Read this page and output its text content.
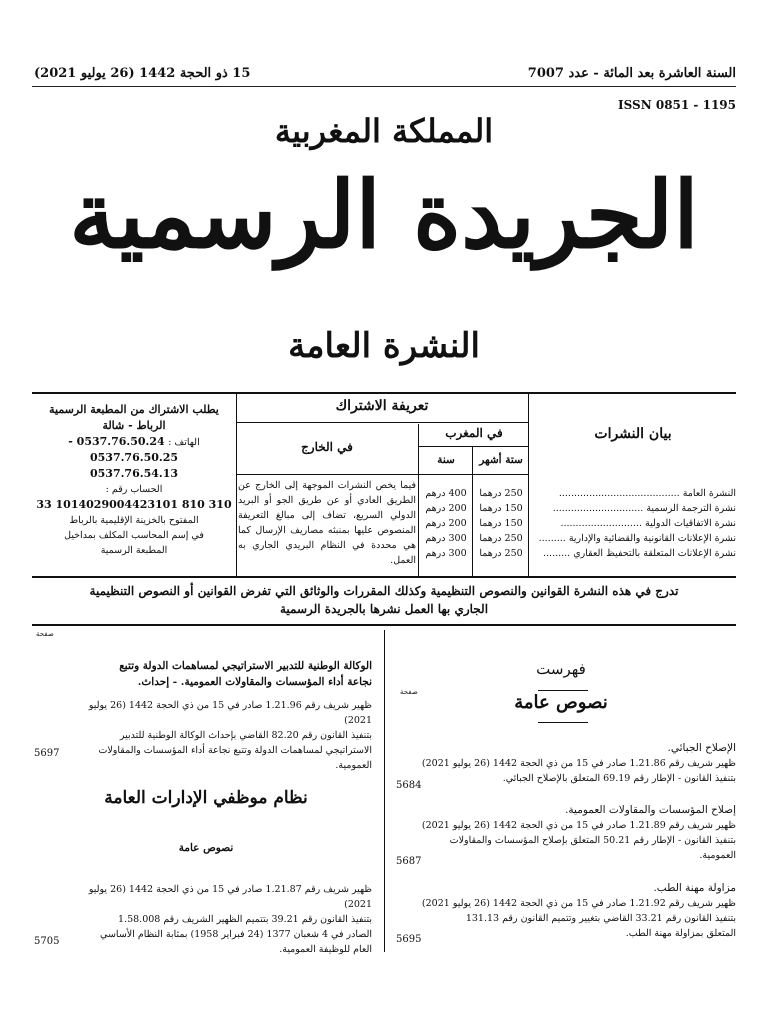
السنة العاشرة بعد المائة - عدد 7007
15 ذو الحجة 1442 (26 يوليو 2021)
ISSN 0851 - 1195
المملكة المغربية
الجريدة الرسمية
النشرة العامة
يطلب الاشتراك من المطبعة الرسمية
الرباط - شالة
الهاتف : 0537.76.50.24 - 0537.76.50.25
0537.76.54.13
الحساب رقم :
310 810 1014029004423101 33
المفتوح بالخزينة الإقليمية بالرباط
في إسم المحاسب المكلف بمداخيل
المطبعة الرسمية
تعريفة الاشتراك
بيان النشرات
في المغرب
في الخارج
ستة أشهر
سنة
فيما يخص النشرات الموجهة إلى الخارج عن الطريق العادي أو عن طريق الجو أو البريد الدولي السريع، تضاف إلى مبالغ التعريفة المنصوص عليها بمنبثه مصاريف الإرسال كما هي محددة في النظام البريدي الجاري به العمل.
النشرة العامة ........................................
نشرة الترجمة الرسمية ..............................
نشرة الاتفاقيات الدولية ...........................
نشرة الإعلانات القانونية والقضائية والإدارية .........
نشرة الإعلانات المتعلقة بالتحفيظ العقاري .........
250 درهما
150 درهما
150 درهما
250 درهما
250 درهما
400 درهم
200 درهم
200 درهم
300 درهم
300 درهم
تدرج في هذه النشرة القوانين والنصوص التنظيمية وكذلك المقررات والوثائق التي تفرض القوانين أو النصوص التنظيمية
الجاري بها العمل نشرها بالجريدة الرسمية
فهرست
نصوص عامة
صفحة
الإصلاح الجبائي.
ظهير شريف رقم 1.21.86 صادر في 15 من ذي الحجة 1442 (26 يوليو 2021)
بتنفيذ القانون - الإطار رقم 69.19 المتعلق بالإصلاح الجبائي.
5684
إصلاح المؤسسات والمقاولات العمومية.
ظهير شريف رقم 1.21.89 صادر في 15 من ذي الحجة 1442 (26 يوليو 2021)
بتنفيذ القانون - الإطار رقم 50.21 المتعلق بإصلاح المؤسسات والمقاولات
العمومية.
5687
مزاولة مهنة الطب.
ظهير شريف رقم 1.21.92 صادر في 15 من ذي الحجة 1442 (26 يوليو 2021)
بتنفيذ القانون رقم 33.21 القاضي بتغيير وتتميم القانون رقم 131.13
المتعلق بمزاولة مهنة الطب.
5695
صفحة
الوكالة الوطنية للتدبير الاستراتيجي لمساهمات الدولة وتتبع
نجاعة أداء المؤسسات والمقاولات العمومية. - إحداث.
ظهير شريف رقم 1.21.96 صادر في 15 من ذي الحجة 1442 (26 يوليو 2021)
بتنفيذ القانون رقم 82.20 القاضي بإحداث الوكالة الوطنية للتدبير
الاستراتيجي لمساهمات الدولة وتتبع نجاعة أداء المؤسسات والمقاولات
العمومية.
5697
نظام موظفي الإدارات العامة
نصوص عامة
ظهير شريف رقم 1.21.87 صادر في 15 من ذي الحجة 1442 (26 يوليو 2021)
بتنفيذ القانون رقم 39.21 بتتميم الظهير الشريف رقم 1.58.008
الصادر في 4 شعبان 1377 (24 فبراير 1958) بمثابة النظام الأساسي
العام للوظيفة العمومية.
5705
